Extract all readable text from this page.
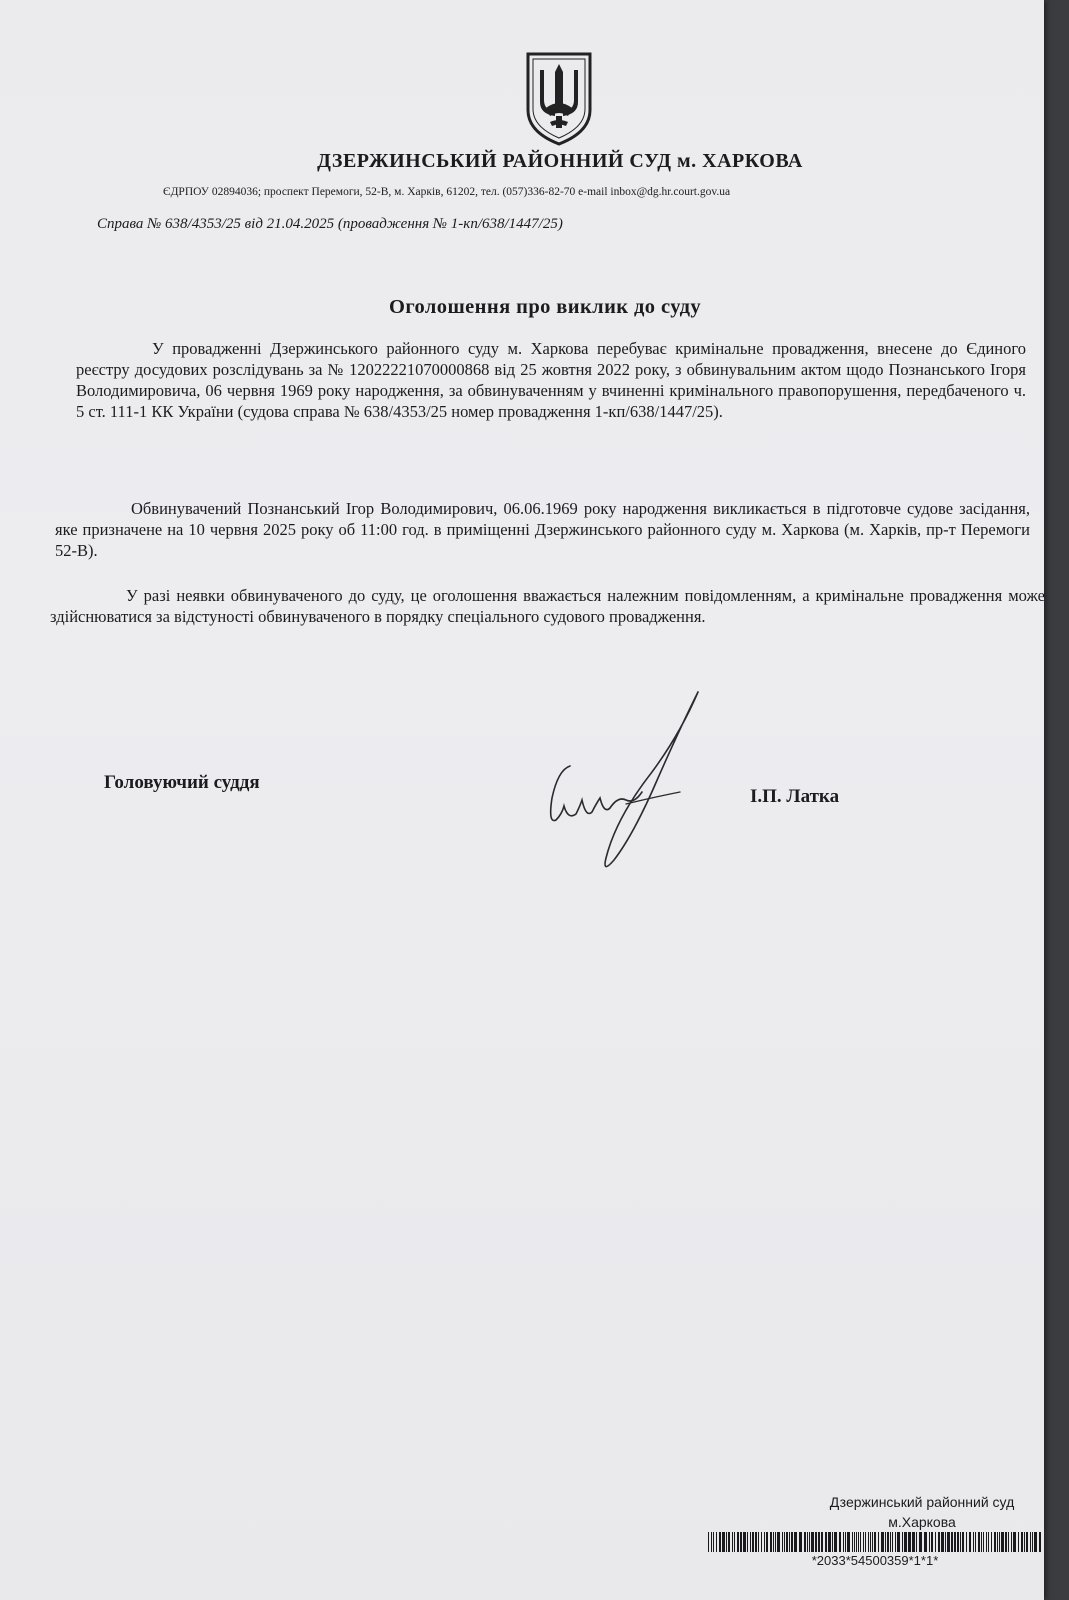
ДЗЕРЖИНСЬКИЙ РАЙОННИЙ СУД м. ХАРКОВА
ЄДРПОУ 02894036; проспект Перемоги, 52-В, м. Харків, 61202, тел. (057)336-82-70 e-mail inbox@dg.hr.court.gov.ua
Справа № 638/4353/25 від 21.04.2025 (провадження № 1-кп/638/1447/25)
Оголошення про виклик до суду
У провадженні Дзержинського районного суду м. Харкова перебуває кримінальне провадження, внесене до Єдиного реєстру досудових розслідувань за № 12022221070000868 від 25 жовтня 2022 року, з обвинувальним актом щодо Познанського Ігоря Володимировича, 06 червня 1969 року народження, за обвинуваченням у вчиненні кримінального правопорушення, передбаченого ч. 5 ст. 111-1 КК України (судова справа № 638/4353/25 номер провадження 1-кп/638/1447/25).
Обвинувачений Познанський Ігор Володимирович, 06.06.1969 року народження викликається в підготовче судове засідання, яке призначене на 10 червня 2025 року об 11:00 год. в приміщенні Дзержинського районного суду м. Харкова (м. Харків, пр-т Перемоги 52-В).
У разі неявки обвинуваченого до суду, це оголошення вважається належним повідомленням, а кримінальне провадження може здійснюватися за відстуності обвинуваченого в порядку спеціального судового провадження.
Головуючий суддя
І.П. Латка
Дзержинський районний суд
м.Харкова
*2033*54500359*1*1*
